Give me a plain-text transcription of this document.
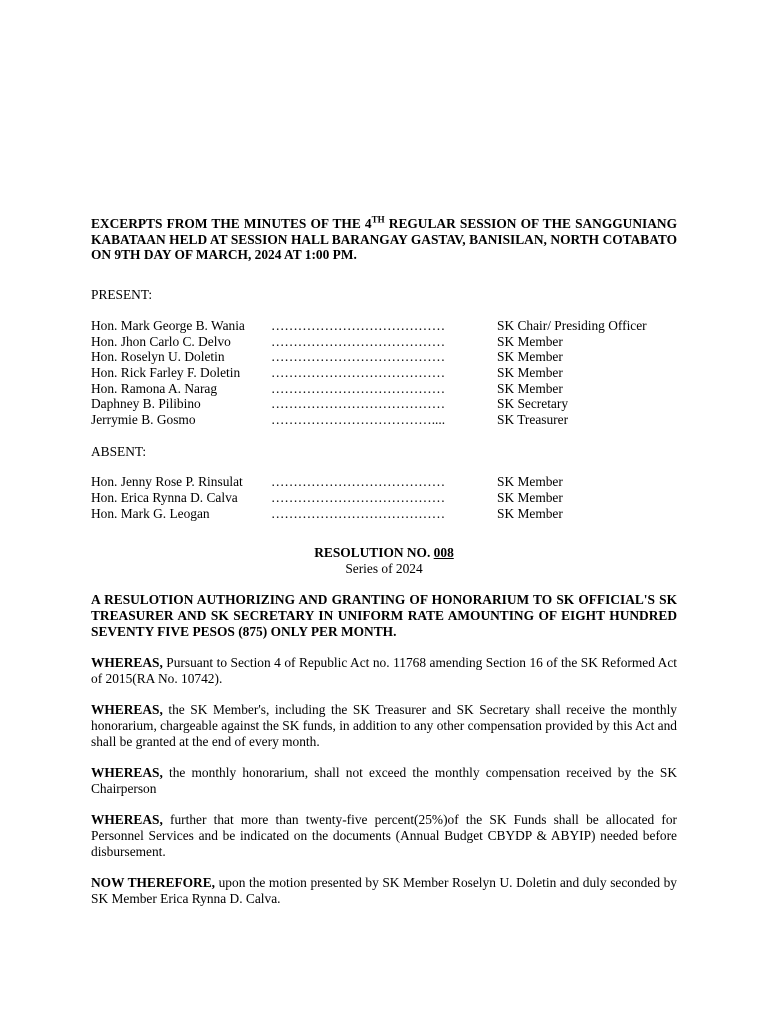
EXCERPTS FROM THE MINUTES OF THE 4TH REGULAR SESSION OF THE SANGGUNIANG KABATAAN HELD AT SESSION HALL BARANGAY GASTAV, BANISILAN, NORTH COTABATO ON 9TH DAY OF MARCH, 2024 AT 1:00 PM.
PRESENT:
Hon. Mark George B. Wania	…………………………………	SK Chair/ Presiding Officer
Hon. Jhon Carlo C. Delvo	…………………………………	SK Member
Hon. Roselyn U. Doletin	…………………………………	SK Member
Hon. Rick Farley F. Doletin	…………………………………	SK Member
Hon. Ramona A. Narag	…………………………………	SK Member
Daphney B. Pilibino	…………………………………	SK Secretary
Jerrymie B. Gosmo	………………………………....	SK Treasurer
ABSENT:
Hon. Jenny Rose P. Rinsulat	…………………………………	SK Member
Hon. Erica Rynna D. Calva	…………………………………	SK Member
Hon. Mark G. Leogan	…………………………………	SK Member
RESOLUTION NO. 008
Series of 2024
A RESULOTION AUTHORIZING AND GRANTING OF HONORARIUM TO SK OFFICIAL'S SK TREASURER AND SK SECRETARY IN UNIFORM RATE AMOUNTING OF EIGHT HUNDRED SEVENTY FIVE PESOS (875) ONLY PER MONTH.
WHEREAS, Pursuant to Section 4 of Republic Act no. 11768 amending Section 16 of the SK Reformed Act of 2015(RA No. 10742).
WHEREAS, the SK Member's, including the SK Treasurer and SK Secretary shall receive the monthly honorarium, chargeable against the SK funds, in addition to any other compensation provided by this Act and shall be granted at the end of every month.
WHEREAS, the monthly honorarium, shall not exceed the monthly compensation received by the SK Chairperson
WHEREAS, further that more than twenty-five percent(25%)of the SK Funds shall be allocated for Personnel Services and be indicated on the documents (Annual Budget CBYDP & ABYIP) needed before disbursement.
NOW THEREFORE, upon the motion presented by SK Member Roselyn U. Doletin and duly seconded by SK Member Erica Rynna D. Calva.
